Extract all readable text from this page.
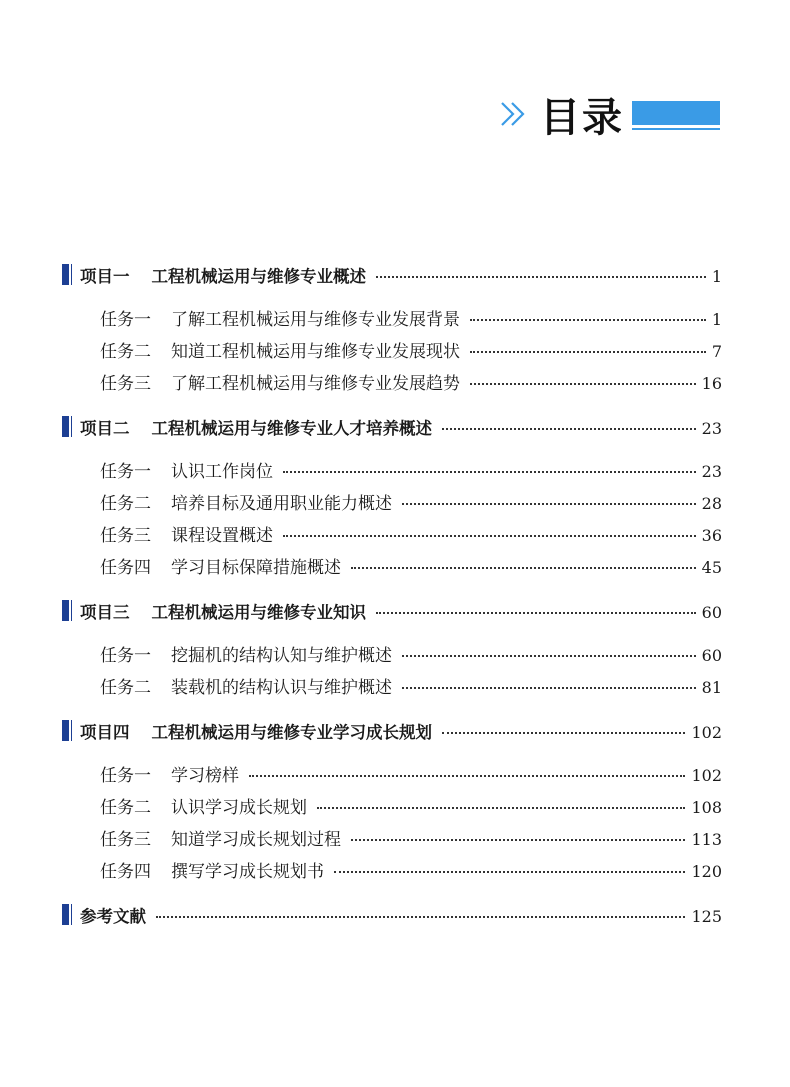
目录
项目一 工程机械运用与维修专业概述	1
任务一 了解工程机械运用与维修专业发展背景	1
任务二 知道工程机械运用与维修专业发展现状	7
任务三 了解工程机械运用与维修专业发展趋势	16
项目二 工程机械运用与维修专业人才培养概述	23
任务一 认识工作岗位	23
任务二 培养目标及通用职业能力概述	28
任务三 课程设置概述	36
任务四 学习目标保障措施概述	45
项目三 工程机械运用与维修专业知识	60
任务一 挖掘机的结构认知与维护概述	60
任务二 装载机的结构认识与维护概述	81
项目四 工程机械运用与维修专业学习成长规划	102
任务一 学习榜样	102
任务二 认识学习成长规划	108
任务三 知道学习成长规划过程	113
任务四 撰写学习成长规划书	120
参考文献	125
